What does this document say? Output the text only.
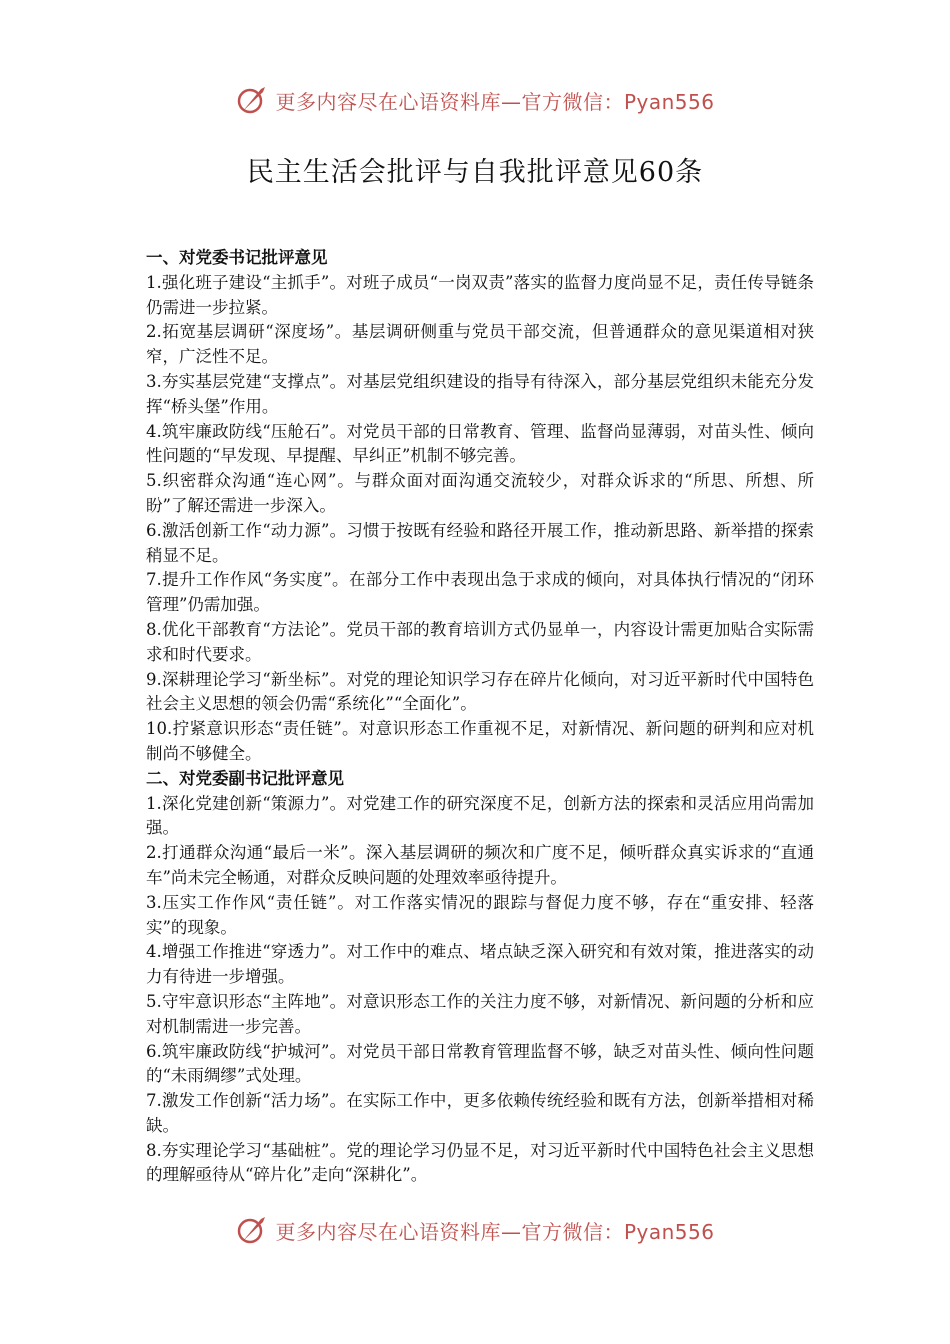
更多内容尽在心语资料库—官方微信：Pyan556
民主生活会批评与自我批评意见60条

一、对党委书记批评意见

1.强化班子建设“主抓手”。对班子成员“一岗双责”落实的监督力度尚显不足，责任传导链条仍需进一步拉紧。

2.拓宽基层调研“深度场”。基层调研侧重与党员干部交流，但普通群众的意见渠道相对狭窄，广泛性不足。

3.夯实基层党建“支撑点”。对基层党组织建设的指导有待深入，部分基层党组织未能充分发挥“桥头堡”作用。

4.筑牢廉政防线“压舱石”。对党员干部的日常教育、管理、监督尚显薄弱，对苗头性、倾向性问题的“早发现、早提醒、早纠正”机制不够完善。

5.织密群众沟通“连心网”。与群众面对面沟通交流较少，对群众诉求的“所思、所想、所盼”了解还需进一步深入。

6.激活创新工作“动力源”。习惯于按既有经验和路径开展工作，推动新思路、新举措的探索稍显不足。

7.提升工作作风“务实度”。在部分工作中表现出急于求成的倾向，对具体执行情况的“闭环管理”仍需加强。

8.优化干部教育“方法论”。党员干部的教育培训方式仍显单一，内容设计需更加贴合实际需求和时代要求。

9.深耕理论学习“新坐标”。对党的理论知识学习存在碎片化倾向，对习近平新时代中国特色社会主义思想的领会仍需“系统化”“全面化”。

10.拧紧意识形态“责任链”。对意识形态工作重视不足，对新情况、新问题的研判和应对机制尚不够健全。

二、对党委副书记批评意见

1.深化党建创新“策源力”。对党建工作的研究深度不足，创新方法的探索和灵活应用尚需加强。

2.打通群众沟通“最后一米”。深入基层调研的频次和广度不足，倾听群众真实诉求的“直通车”尚未完全畅通，对群众反映问题的处理效率亟待提升。

3.压实工作作风“责任链”。对工作落实情况的跟踪与督促力度不够，存在“重安排、轻落实”的现象。

4.增强工作推进“穿透力”。对工作中的难点、堵点缺乏深入研究和有效对策，推进落实的动力有待进一步增强。

5.守牢意识形态“主阵地”。对意识形态工作的关注力度不够，对新情况、新问题的分析和应对机制需进一步完善。

6.筑牢廉政防线“护城河”。对党员干部日常教育管理监督不够，缺乏对苗头性、倾向性问题的“未雨绸缪”式处理。

7.激发工作创新“活力场”。在实际工作中，更多依赖传统经验和既有方法，创新举措相对稀缺。

8.夯实理论学习“基础桩”。党的理论学习仍显不足，对习近平新时代中国特色社会主义思想的理解亟待从“碎片化”走向“深耕化”。

更多内容尽在心语资料库—官方微信：Pyan556
